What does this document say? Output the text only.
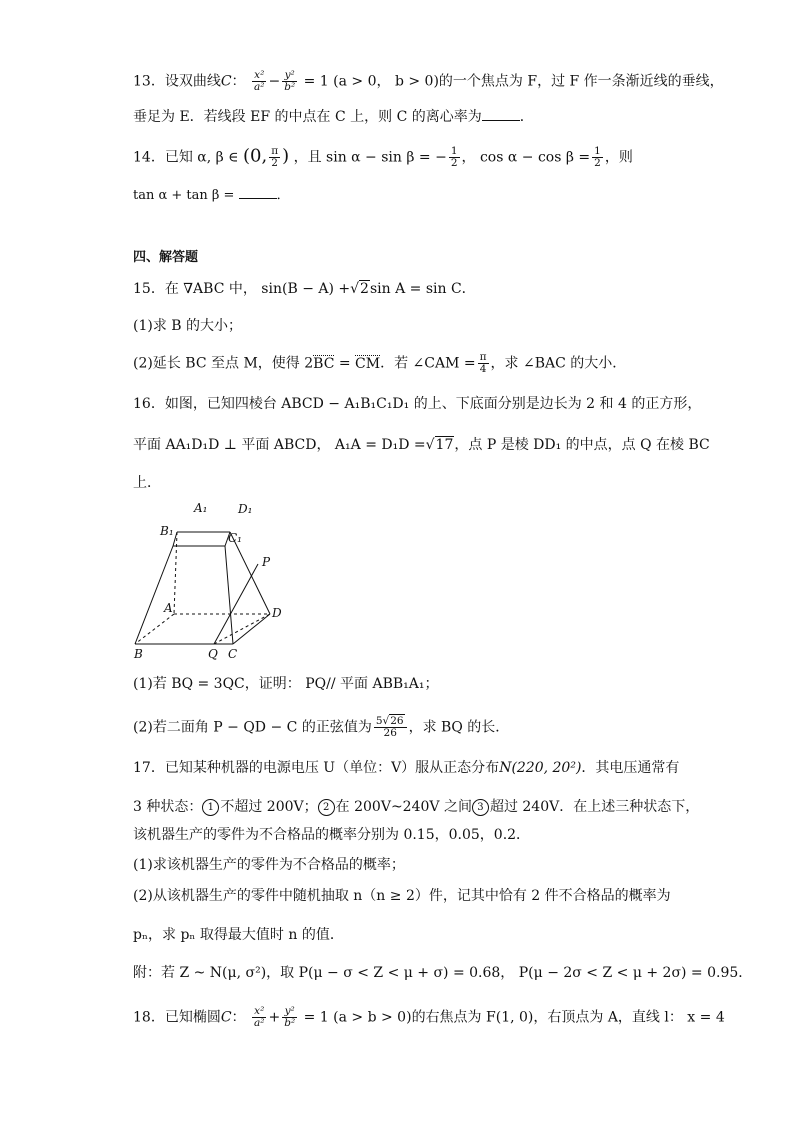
13．设双曲线C： $\frac{\text{x²}}{\text{a²}} - \frac{\text{y²}}{\text{b²}} = 1$ (a > 0， b > 0)的一个焦点为 F，过 F 作一条渐近线的垂线，
垂足为 E．若线段 EF 的中点在 C 上，则 C 的离心率为	．
14．已知 α, β ∈ (0, $\frac{\pi}{2}$ ) ，且 sin α − sin β = − $\frac{1}{2}$ ， $\cos \alpha - \cos \beta = \frac{1}{2}$ ，则
tan α + tan β =	．
四、解答题
15．在 ∇ABC 中， sin(B − A) +√2sin A = sin C．
(1)求 B 的大小；
(2)延长 BC 至点 M，使得 2BC = CM．若 ∠CAM = $\frac{\pi}{4}$ ，求 ∠BAC 的大小．
16．如图，已知四棱台 ABCD − A₁B₁C₁D₁ 的上、下底面分别是边长为 2 和 4 的正方形，
平面 AA₁D₁D ⊥ 平面 ABCD， A₁A = D₁D =√17，点 P 是棱 DD₁ 的中点，点 Q 在棱 BC
上．
A₁	D₁
B₁	C₁
P
A	D
B	Q C
(1)若 BQ = 3QC，证明： PQ// 平面 ABB₁A₁；
(2)若二面角 P − QD − C 的正弦值为 $\frac{5√26}{26}$ ，求 BQ 的长．
17．已知某种机器的电源电压 U（单位：V）服从正态分布N(220, 20²)．其电压通常有
3 种状态： 1 不超过 200V； 2 在 200V~240V 之间 3 超过 240V．在上述三种状态下，
该机器生产的零件为不合格品的概率分别为 0.15，0.05，0.2．
(1)求该机器生产的零件为不合格品的概率；
(2)从该机器生产的零件中随机抽取 n（n ≥ 2）件，记其中恰有 2 件不合格品的概率为
pₙ，求 pₙ 取得最大值时 n 的值．
附：若 Z ~ N(μ, σ²)，取 P(μ − σ < Z < μ + σ) = 0.68， P(μ − 2σ < Z < μ + 2σ) = 0.95．
18．已知椭圆C： $\frac{\text{x²}}{\text{a²}} + \frac{\text{y²}}{\text{b²}} = 1$ (a > b > 0)的右焦点为 F(1, 0)，右顶点为 A，直线 l： x = 4
